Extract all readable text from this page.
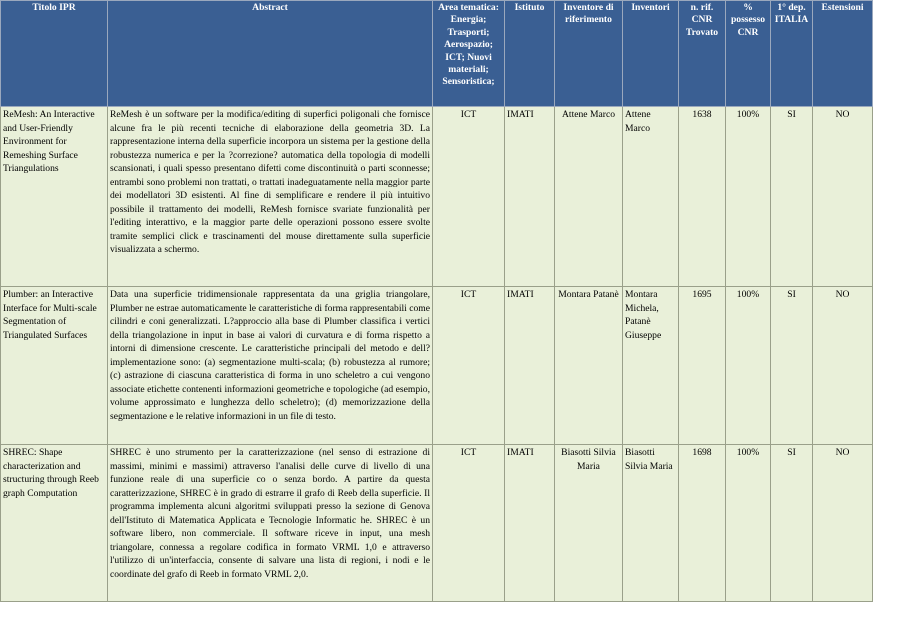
Titolo IPR	Abstract	Area tematica: Energia; Trasporti; Aerospazio; ICT; Nuovi materiali; Sensoristica;	Istituto	Inventore di riferimento	Inventori	n. rif. CNR Trovato	% possesso CNR	1° dep. ITALIA	Estensioni
ReMesh: An Interactive and User-Friendly Environment for Remeshing Surface Triangulations	ReMesh è un software per la modifica/editing di superfici poligonali che fornisce alcune fra le più recenti tecniche di elaborazione della geometria 3D. La rappresentazione interna della superficie incorpora un sistema per la gestione della robustezza numerica e per la ?correzione? automatica della topologia di modelli scansionati, i quali spesso presentano difetti come discontinuità o parti sconnesse; entrambi sono problemi non trattati, o trattati inadeguatamente nella maggior parte dei modellatori 3D esistenti. Al fine di semplificare e rendere il più intuitivo possibile il trattamento dei modelli, ReMesh fornisce svariate funzionalità per l'editing interattivo, e la maggior parte delle operazioni possono essere svolte tramite semplici click e trascinamenti del mouse direttamente sulla superficie visualizzata a schermo.	ICT	IMATI	Attene Marco	Attene Marco	1638	100%	SI	NO
Plumber: an Interactive Interface for Multi-scale Segmentation of Triangulated Surfaces	Data una superficie tridimensionale rappresentata da una griglia triangolare, Plumber ne estrae automaticamente le caratteristiche di forma rappresentabili come cilindri e coni generalizzati. L?approccio alla base di Plumber classifica i vertici della triangolazione in input in base ai valori di curvatura e di forma rispetto a intorni di dimensione crescente. Le caratteristiche principali del metodo e dell?implementazione sono: (a) segmentazione multi-scala; (b) robustezza al rumore; (c) astrazione di ciascuna caratteristica di forma in uno scheletro a cui vengono associate etichette contenenti informazioni geometriche e topologiche (ad esempio, volume approssimato e lunghezza dello scheletro); (d) memorizzazione della segmentazione e le relative informazioni in un file di testo.	ICT	IMATI	Montara Patanè	Montara Michela, Patanè Giuseppe	1695	100%	SI	NO
SHREC: Shape characterization and structuring through Reeb graph Computation	SHREC è uno strumento per la caratterizzazione (nel senso di estrazione di massimi, minimi e massimi) attraverso l'analisi delle curve di livello di una funzione reale di una superficie co o senza bordo. A partire da questa caratterizzazione, SHREC è in grado di estrarre il grafo di Reeb della superficie. Il programma implementa alcuni algoritmi sviluppati presso la sezione di Genova dell'Istituto di Matematica Applicata e Tecnologie Informatic he. SHREC è un software libero, non commerciale. Il software riceve in input, una mesh triangolare, connessa a regolare codifica in formato VRML 1,0 e attraverso l'utilizzo di un'interfaccia, consente di salvare una lista di regioni, i nodi e le coordinate del grafo di Reeb in formato VRML 2,0.	ICT	IMATI	Biasotti Silvia Maria	Biasotti Silvia Maria	1698	100%	SI	NO
